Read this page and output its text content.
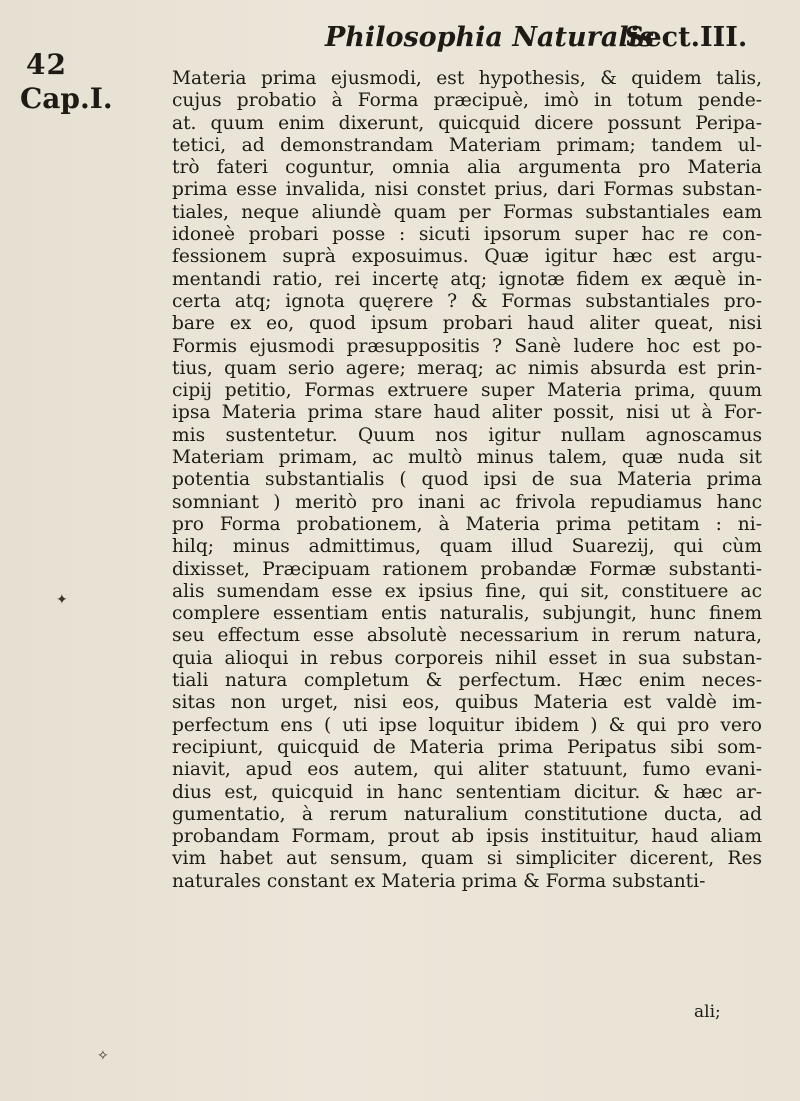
42
Philosophia Naturalis
Sect.III.
Cap.I.
Materia prima ejusmodi, est hypothesis, & quidem talis,
cujus probatio à Forma præcipuè, imò in totum pende-
at. quum enim dixerunt, quicquid dicere possunt Peripa-
tetici, ad demonstrandam Materiam primam; tandem ul-
trò fateri coguntur, omnia alia argumenta pro Materia
prima esse invalida, nisi constet prius, dari Formas substan-
tiales, neque aliundè quam per Formas substantiales eam
idoneè probari posse : sicuti ipsorum super hac re con-
fessionem suprà exposuimus. Quæ igitur hæc est argu-
mentandi ratio, rei incertę atq; ignotæ fidem ex æquè in-
certa atq; ignota quęrere ? & Formas substantiales pro-
bare ex eo, quod ipsum probari haud aliter queat, nisi
Formis ejusmodi præsuppositis ? Sanè ludere hoc est po-
tius, quam serio agere; meraq; ac nimis absurda est prin-
cipij petitio, Formas extruere super Materia prima, quum
ipsa Materia prima stare haud aliter possit, nisi ut à For-
mis sustentetur. Quum nos igitur nullam agnoscamus
Materiam primam, ac multò minus talem, quæ nuda sit
potentia substantialis ( quod ipsi de sua Materia prima
somniant ) meritò pro inani ac frivola repudiamus hanc
pro Forma probationem, à Materia prima petitam : ni-
hilq; minus admittimus, quam illud Suarezij, qui cùm
dixisset, Præcipuam rationem probandæ Formæ substanti-
alis sumendam esse ex ipsius fine, qui sit, constituere ac
complere essentiam entis naturalis, subjungit, hunc finem
seu effectum esse absolutè necessarium in rerum natura,
quia alioqui in rebus corporeis nihil esset in sua substan-
tiali natura completum & perfectum. Hæc enim neces-
sitas non urget, nisi eos, quibus Materia est valdè im-
perfectum ens ( uti ipse loquitur ibidem ) & qui pro vero
recipiunt, quicquid de Materia prima Peripatus sibi som-
niavit, apud eos autem, qui aliter statuunt, fumo evani-
dius est, quicquid in hanc sententiam dicitur. & hæc ar-
gumentatio, à rerum naturalium constitutione ducta, ad
probandam Formam, prout ab ipsis instituitur, haud aliam
vim habet aut sensum, quam si simpliciter dicerent, Res
naturales constant ex Materia prima & Forma substanti-
✦
✧
ali;
